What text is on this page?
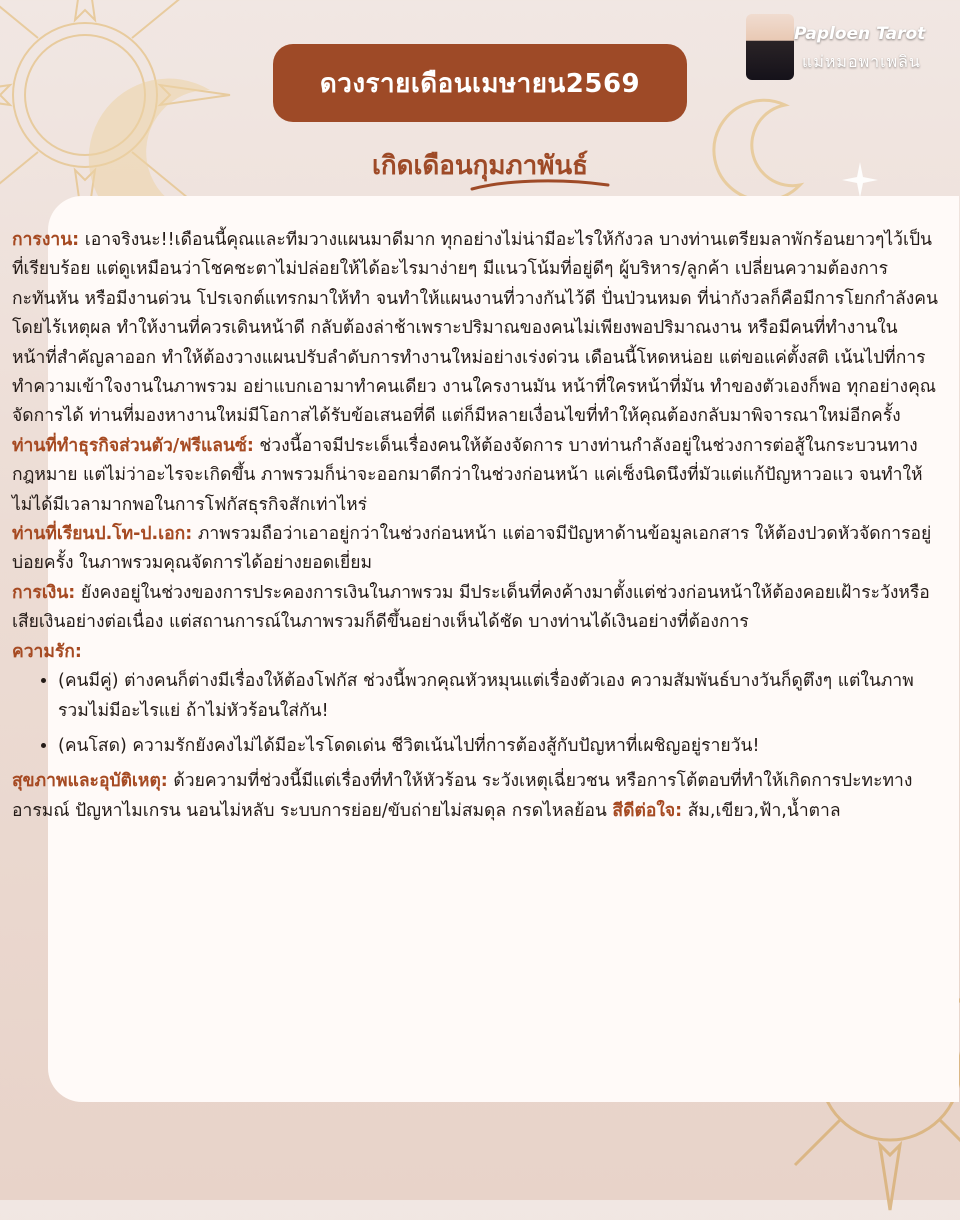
Paploen Tarot
แม่หมอพาเพลิน
ดวงรายเดือนเมษายน2569
เกิดเดือนกุมภาพันธ์

การงาน: เอาจริงนะ!!เดือนนี้คุณและทีมวางแผนมาดีมาก ทุกอย่างไม่น่ามีอะไรให้กังวล บางท่านเตรียมลาพักร้อนยาวๆไว้เป็นที่เรียบร้อย แต่ดูเหมือนว่าโชคชะตาไม่ปล่อยให้ได้อะไรมาง่ายๆ มีแนวโน้มที่อยู่ดีๆ ผู้บริหาร/ลูกค้า เปลี่ยนความต้องการกะทันหัน หรือมีงานด่วน โปรเจกต์แทรกมาให้ทำ จนทำให้แผนงานที่วางกันไว้ดี ปั่นป่วนหมด ที่น่ากังวลก็คือมีการโยกกำลังคนโดยไร้เหตุผล ทำให้งานที่ควรเดินหน้าดี กลับต้องล่าช้าเพราะปริมาณของคนไม่เพียงพอปริมาณงาน หรือมีคนที่ทำงานในหน้าที่สำคัญลาออก ทำให้ต้องวางแผนปรับลำดับการทำงานใหม่อย่างเร่งด่วน เดือนนี้โหดหน่อย แต่ขอแค่ตั้งสติ เน้นไปที่การทำความเข้าใจงานในภาพรวม อย่าแบกเอามาทำคนเดียว งานใครงานมัน หน้าที่ใครหน้าที่มัน ทำของตัวเองก็พอ ทุกอย่างคุณจัดการได้ ท่านที่มองหางานใหม่มีโอกาสได้รับข้อเสนอที่ดี แต่ก็มีหลายเงื่อนไขที่ทำให้คุณต้องกลับมาพิจารณาใหม่อีกครั้ง

ท่านที่ทำธุรกิจส่วนตัว/ฟรีแลนซ์: ช่วงนี้อาจมีประเด็นเรื่องคนให้ต้องจัดการ บางท่านกำลังอยู่ในช่วงการต่อสู้ในกระบวนทางกฎหมาย แต่ไม่ว่าอะไรจะเกิดขึ้น ภาพรวมก็น่าจะออกมาดีกว่าในช่วงก่อนหน้า แค่เซ็งนิดนึงที่มัวแต่แก้ปัญหาวอแว จนทำให้ไม่ได้มีเวลามากพอในการโฟกัสธุรกิจสักเท่าไหร่

ท่านที่เรียนป.โท-ป.เอก: ภาพรวมถือว่าเอาอยู่กว่าในช่วงก่อนหน้า แต่อาจมีปัญหาด้านข้อมูลเอกสาร ให้ต้องปวดหัวจัดการอยู่บ่อยครั้ง ในภาพรวมคุณจัดการได้อย่างยอดเยี่ยม

การเงิน: ยังคงอยู่ในช่วงของการประคองการเงินในภาพรวม มีประเด็นที่คงค้างมาตั้งแต่ช่วงก่อนหน้าให้ต้องคอยเฝ้าระวังหรือเสียเงินอย่างต่อเนื่อง แต่สถานการณ์ในภาพรวมก็ดีขึ้นอย่างเห็นได้ชัด บางท่านได้เงินอย่างที่ต้องการ

ความรัก:

• (คนมีคู่) ต่างคนก็ต่างมีเรื่องให้ต้องโฟกัส ช่วงนี้พวกคุณหัวหมุนแต่เรื่องตัวเอง ความสัมพันธ์บางวันก็ดูตึงๆ แต่ในภาพรวมไม่มีอะไรแย่ ถ้าไม่หัวร้อนใส่กัน!
• (คนโสด) ความรักยังคงไม่ได้มีอะไรโดดเด่น ชีวิตเน้นไปที่การต้องสู้กับปัญหาที่เผชิญอยู่รายวัน!

สุขภาพและอุบัติเหตุ: ด้วยความที่ช่วงนี้มีแต่เรื่องที่ทำให้หัวร้อน ระวังเหตุเฉี่ยวชน หรือการโต้ตอบที่ทำให้เกิดการปะทะทางอารมณ์ ปัญหาไมเกรน นอนไม่หลับ ระบบการย่อย/ขับถ่ายไม่สมดุล กรดไหลย้อน สีดีต่อใจ: ส้ม,เขียว,ฟ้า,น้ำตาล
